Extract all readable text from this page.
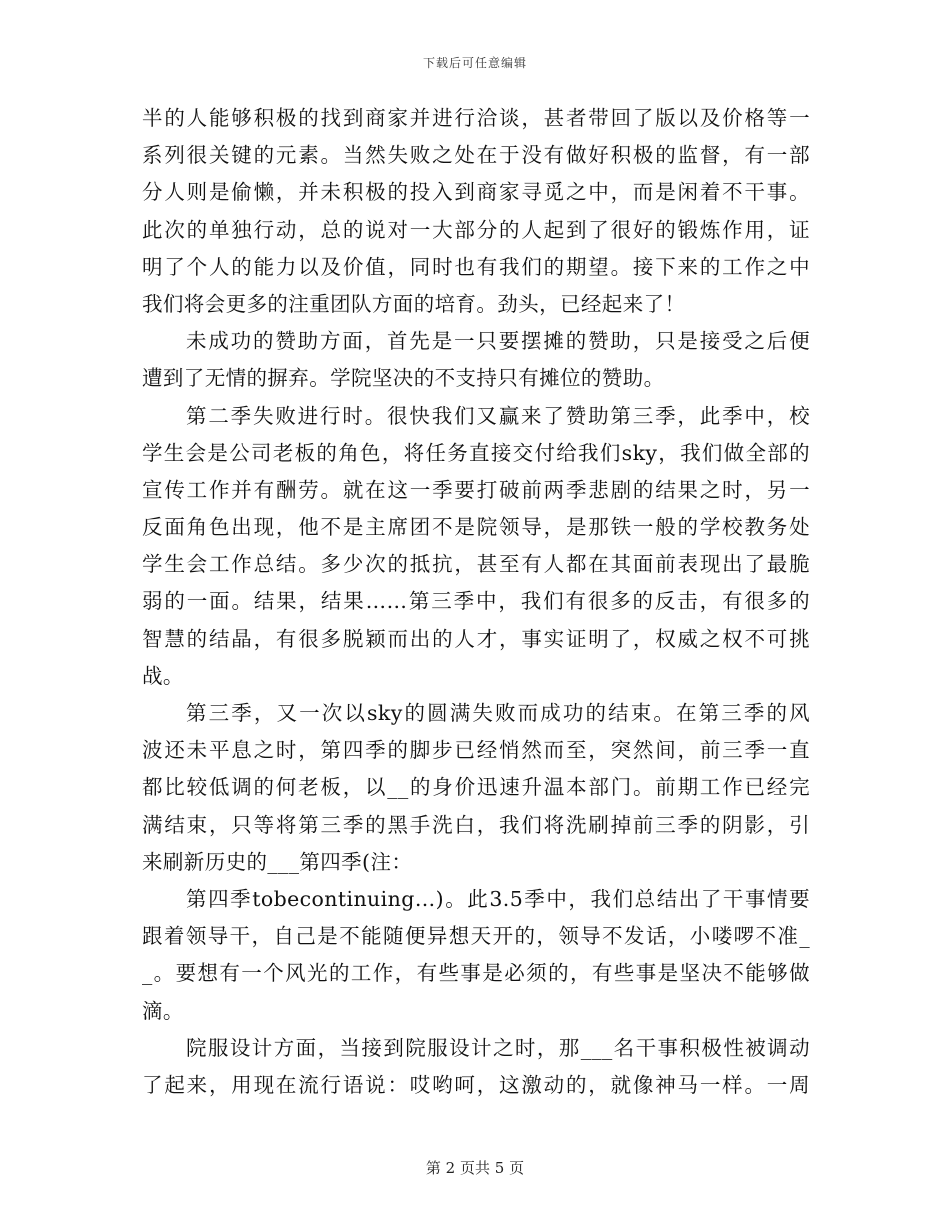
下载后可任意编辑
半的人能够积极的找到商家并进行洽谈，甚者带回了版以及价格等一
系列很关键的元素。当然失败之处在于没有做好积极的监督，有一部
分人则是偷懒，并未积极的投入到商家寻觅之中，而是闲着不干事。
此次的单独行动，总的说对一大部分的人起到了很好的锻炼作用，证
明了个人的能力以及价值，同时也有我们的期望。接下来的工作之中
我们将会更多的注重团队方面的培育。劲头，已经起来了！
未成功的赞助方面，首先是一只要摆摊的赞助，只是接受之后便
遭到了无情的摒弃。学院坚决的不支持只有摊位的赞助。
第二季失败进行时。很快我们又赢来了赞助第三季，此季中，校
学生会是公司老板的角色，将任务直接交付给我们sky，我们做全部的
宣传工作并有酬劳。就在这一季要打破前两季悲剧的结果之时，另一
反面角色出现，他不是主席团不是院领导，是那铁一般的学校教务处
学生会工作总结。多少次的抵抗，甚至有人都在其面前表现出了最脆
弱的一面。结果，结果……第三季中，我们有很多的反击，有很多的
智慧的结晶，有很多脱颖而出的人才，事实证明了，权威之权不可挑
战。
第三季，又一次以sky的圆满失败而成功的结束。在第三季的风
波还未平息之时，第四季的脚步已经悄然而至，突然间，前三季一直
都比较低调的何老板，以__的身价迅速升温本部门。前期工作已经完
满结束，只等将第三季的黑手洗白，我们将洗刷掉前三季的阴影，引
来刷新历史的___第四季(注：
第四季tobecontinuing…)。此3.5季中，我们总结出了干事情要
跟着领导干，自己是不能随便异想天开的，领导不发话，小喽啰不准_
_。要想有一个风光的工作，有些事是必须的，有些事是坚决不能够做
滴。
院服设计方面，当接到院服设计之时，那___名干事积极性被调动
了起来，用现在流行语说：哎哟呵，这激动的，就像神马一样。一周
第 2 页共 5 页
